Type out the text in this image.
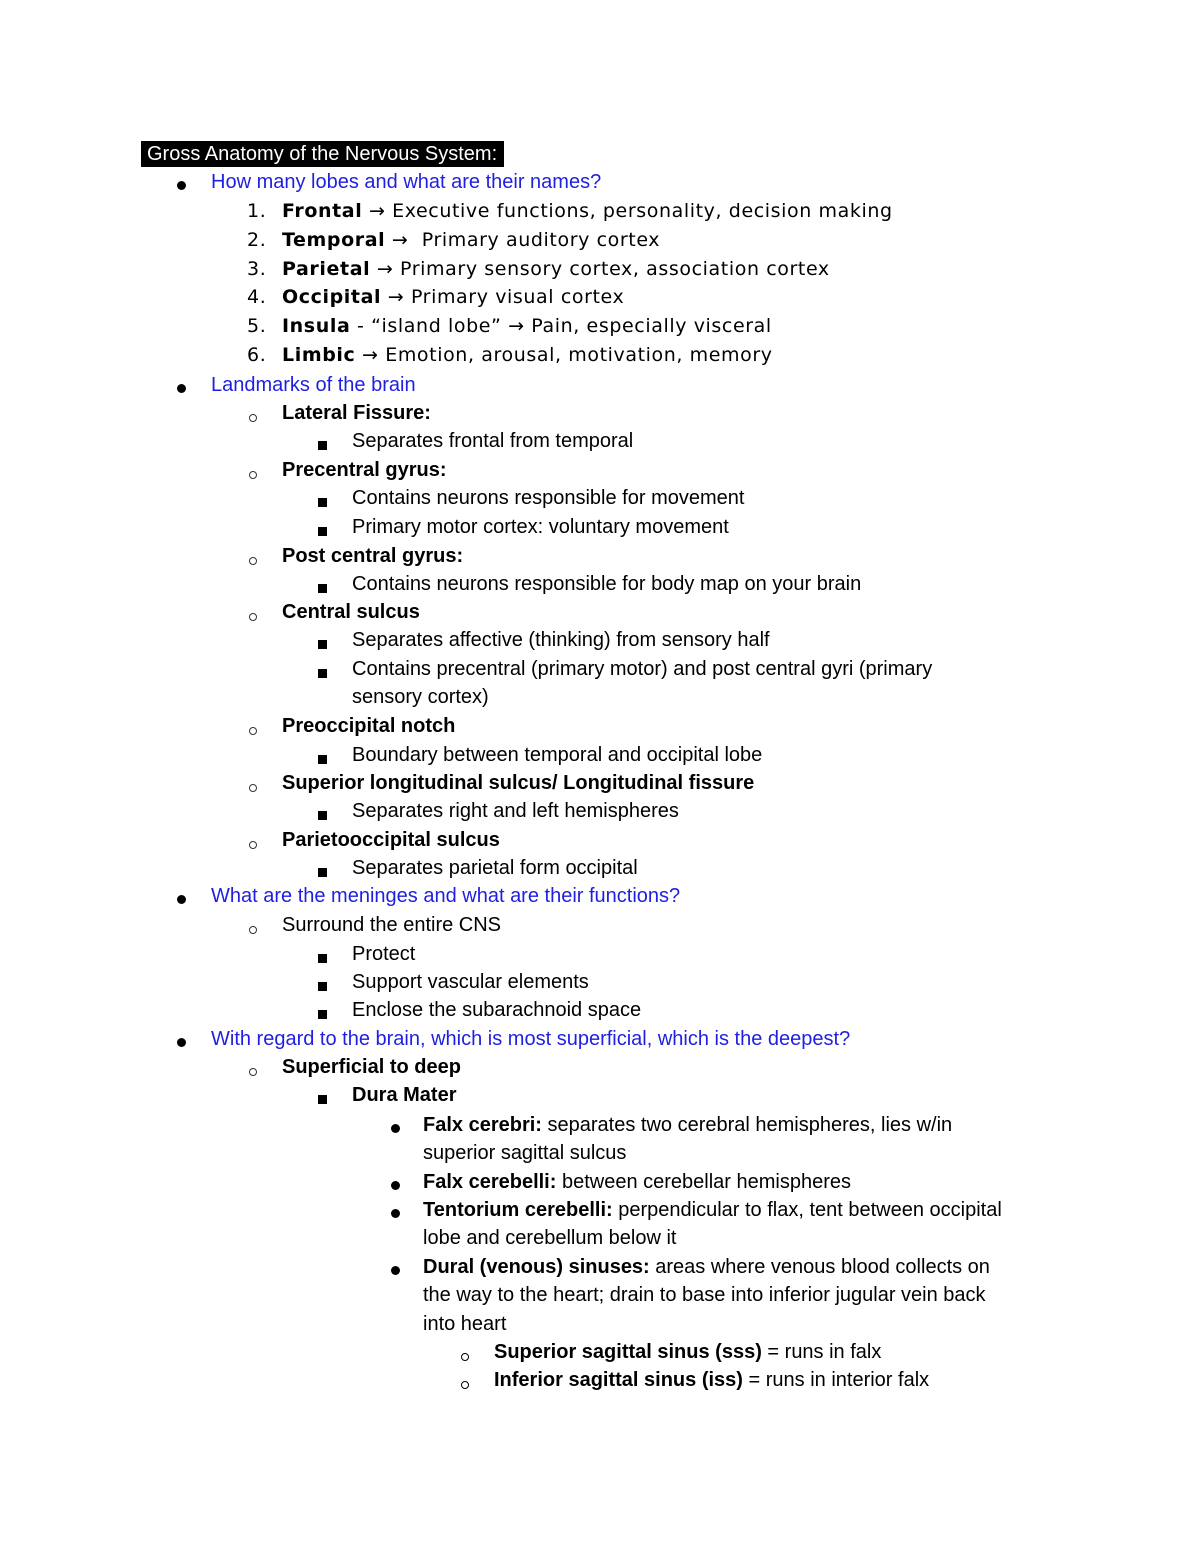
Gross Anatomy of the Nervous System:
How many lobes and what are their names?
1. Frontal → Executive functions, personality, decision making
2. Temporal →  Primary auditory cortex
3. Parietal → Primary sensory cortex, association cortex
4. Occipital → Primary visual cortex
5. Insula - “island lobe” → Pain, especially visceral
6. Limbic → Emotion, arousal, motivation, memory
Landmarks of the brain
Lateral Fissure:
Separates frontal from temporal
Precentral gyrus:
Contains neurons responsible for movement
Primary motor cortex: voluntary movement
Post central gyrus:
Contains neurons responsible for body map on your brain
Central sulcus
Separates affective (thinking) from sensory half
Contains precentral (primary motor) and post central gyri (primary
sensory cortex)
Preoccipital notch
Boundary between temporal and occipital lobe
Superior longitudinal sulcus/ Longitudinal fissure
Separates right and left hemispheres
Parietooccipital sulcus
Separates parietal form occipital
What are the meninges and what are their functions?
Surround the entire CNS
Protect
Support vascular elements
Enclose the subarachnoid space
With regard to the brain, which is most superficial, which is the deepest?
Superficial to deep
Dura Mater
Falx cerebri: separates two cerebral hemispheres, lies w/in
superior sagittal sulcus
Falx cerebelli: between cerebellar hemispheres
Tentorium cerebelli: perpendicular to flax, tent between occipital
lobe and cerebellum below it
Dural (venous) sinuses: areas where venous blood collects on
the way to the heart; drain to base into inferior jugular vein back
into heart
Superior sagittal sinus (sss) = runs in falx
Inferior sagittal sinus (iss) = runs in interior falx
